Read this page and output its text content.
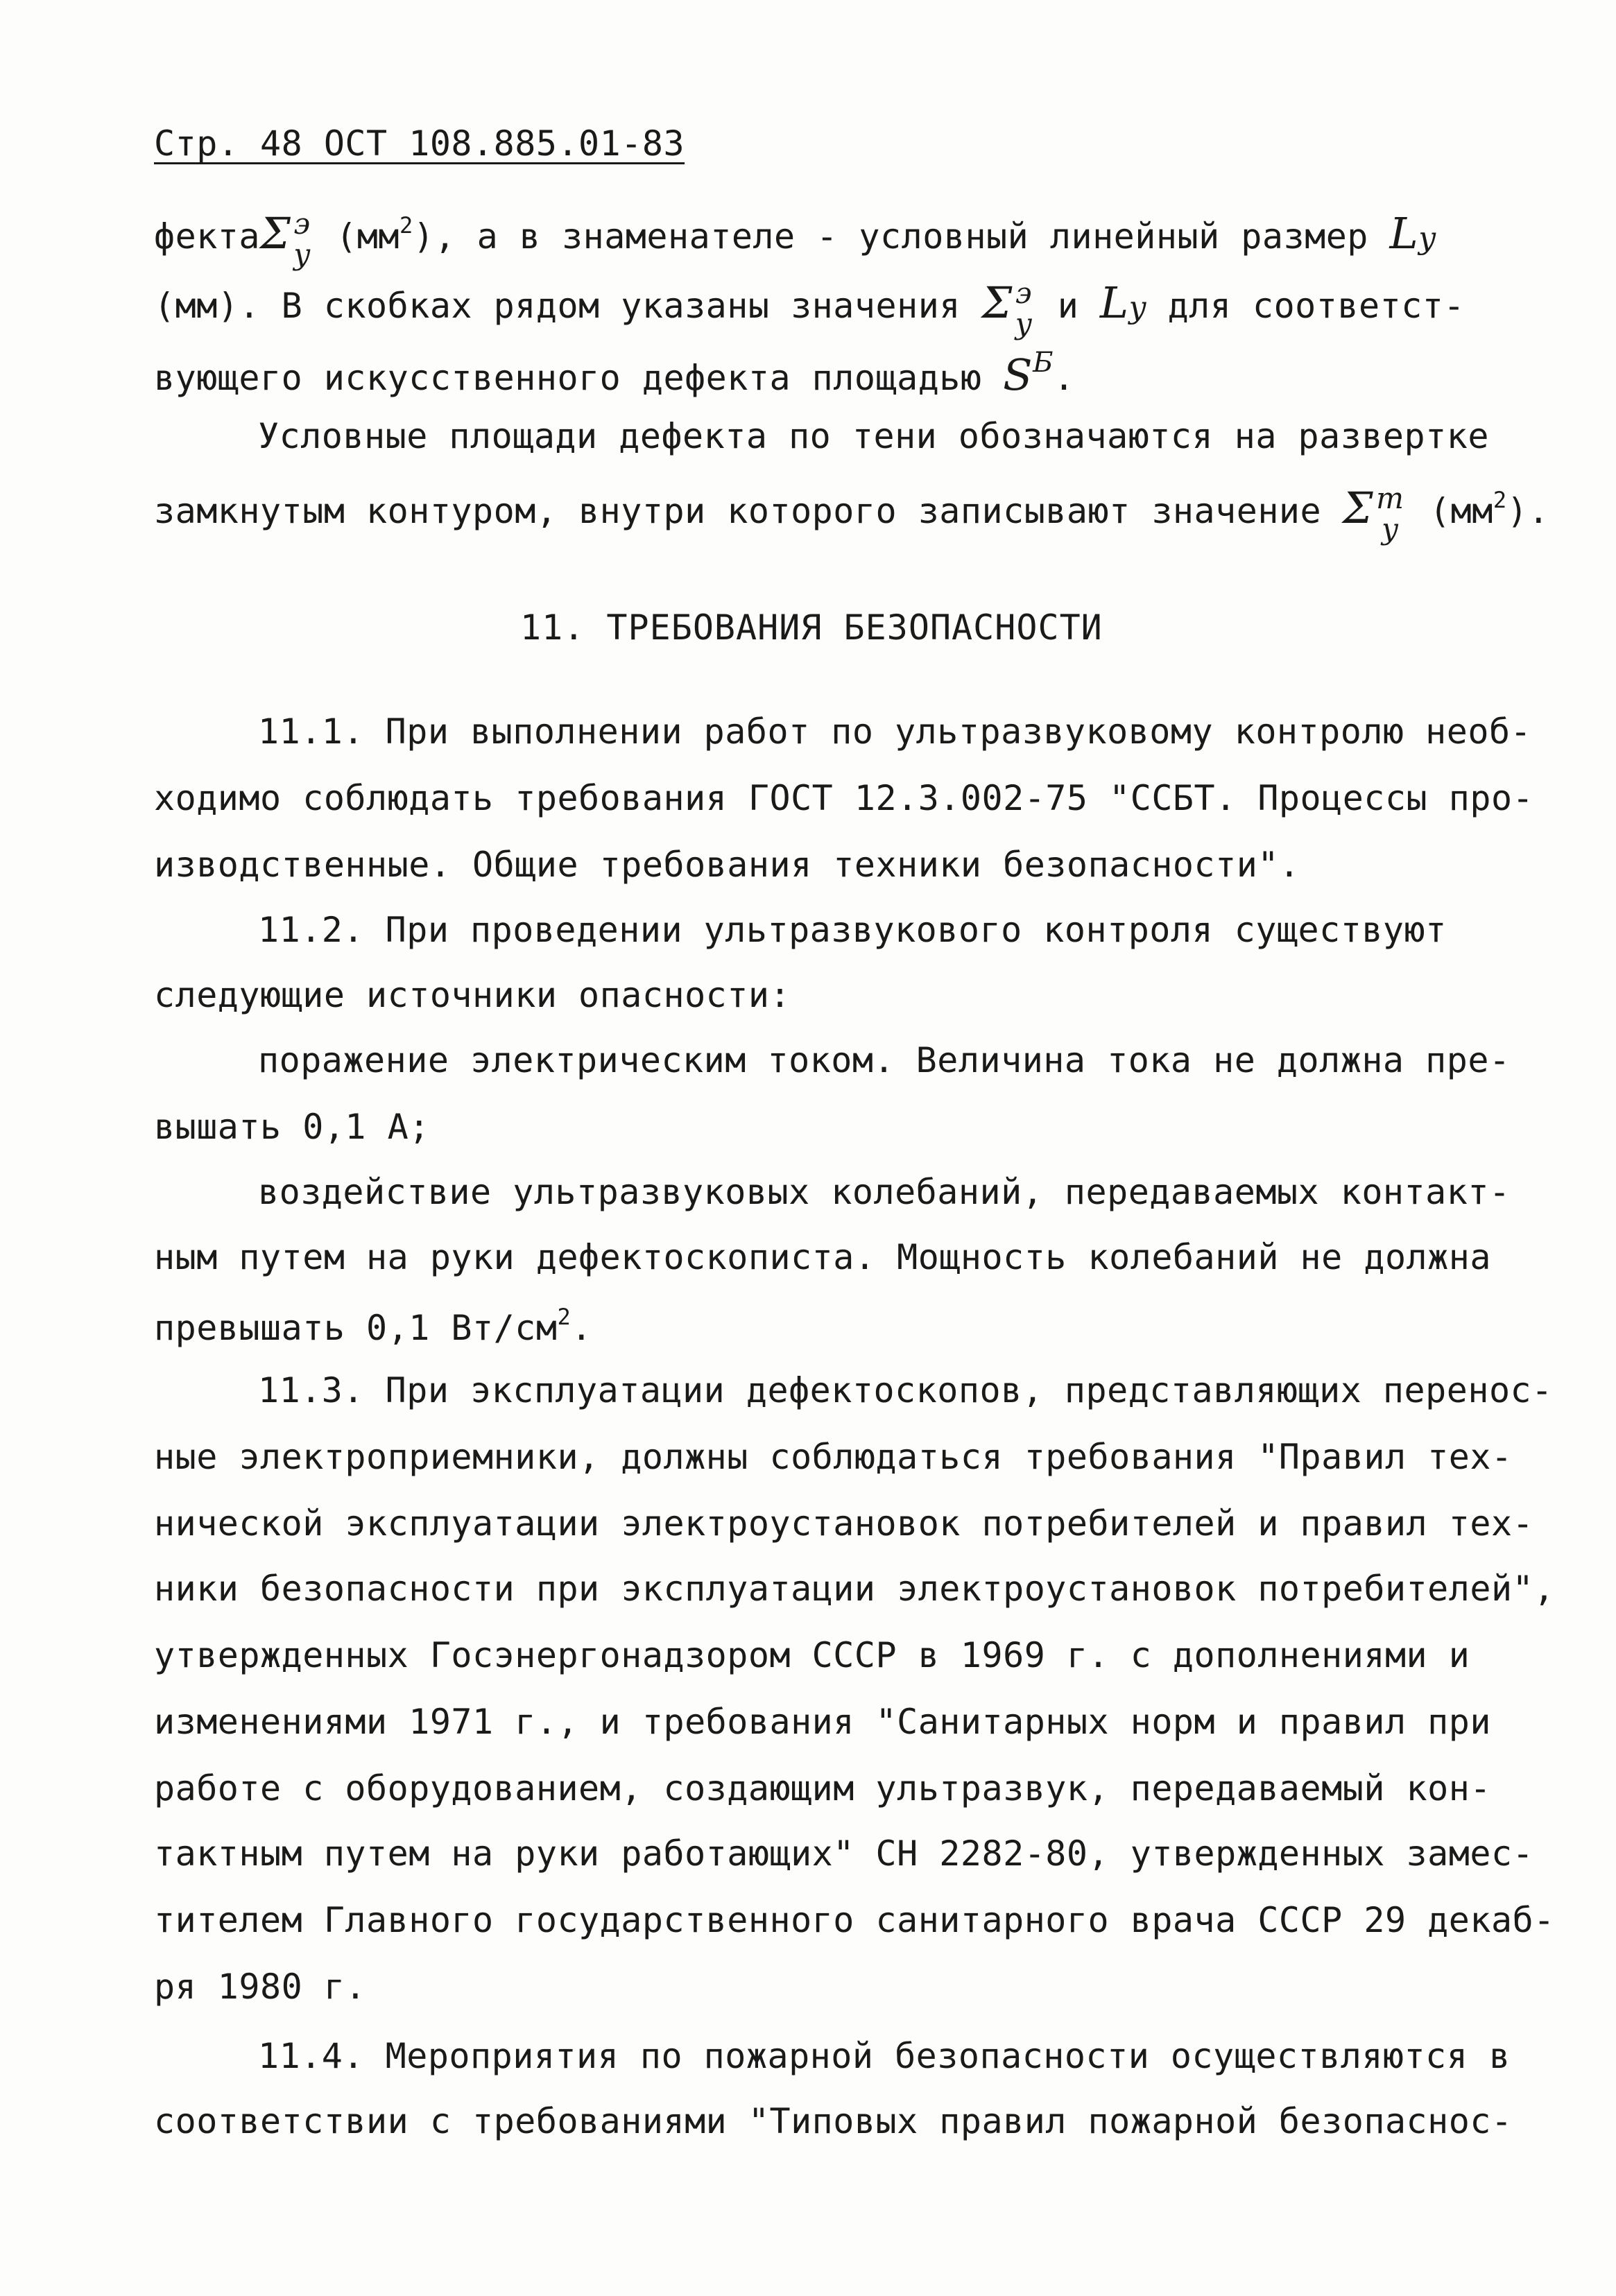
Стр. 48 ОСТ 108.885.01-83
фектаΣ э
y $(мм^2)$, а в знаменателе - условный линейный размер Ly
(мм). В скобках рядом указаны значения Σ э
y и Ly для соответст-
вующего искусственного дефекта площадью $S^Б$.
Условные площади дефекта по тени обозначаются на развертке
замкнутым контуром, внутри которого записывают значение Σ т
y $(мм^2)$.
11. ТРЕБОВАНИЯ БЕЗОПАСНОСТИ
11.1. При выполнении работ по ультразвуковому контролю необ-
ходимо соблюдать требования ГОСТ 12.3.002-75 "ССБТ. Процессы про-
изводственные. Общие требования техники безопасности".
11.2. При проведении ультразвукового контроля существуют
следующие источники опасности:
поражение электрическим током. Величина тока не должна пре-
вышать 0,1 А;
воздействие ультразвуковых колебаний, передаваемых контакт-
ным путем на руки дефектоскописта. Мощность колебаний не должна
превышать 0,1 $Вт/см^2$.
11.3. При эксплуатации дефектоскопов, представляющих перенос-
ные электроприемники, должны соблюдаться требования "Правил тех-
нической эксплуатации электроустановок потребителей и правил тех-
ники безопасности при эксплуатации электроустановок потребителей",
утвержденных Госэнергонадзором СССР в 1969 г. с дополнениями и
изменениями 1971 г., и требования "Санитарных норм и правил при
работе с оборудованием, создающим ультразвук, передаваемый кон-
тактным путем на руки работающих" СН 2282-80, утвержденных замес-
тителем Главного государственного санитарного врача СССР 29 декаб-
ря 1980 г.
11.4. Мероприятия по пожарной безопасности осуществляются в
соответствии с требованиями "Типовых правил пожарной безопаснос-
